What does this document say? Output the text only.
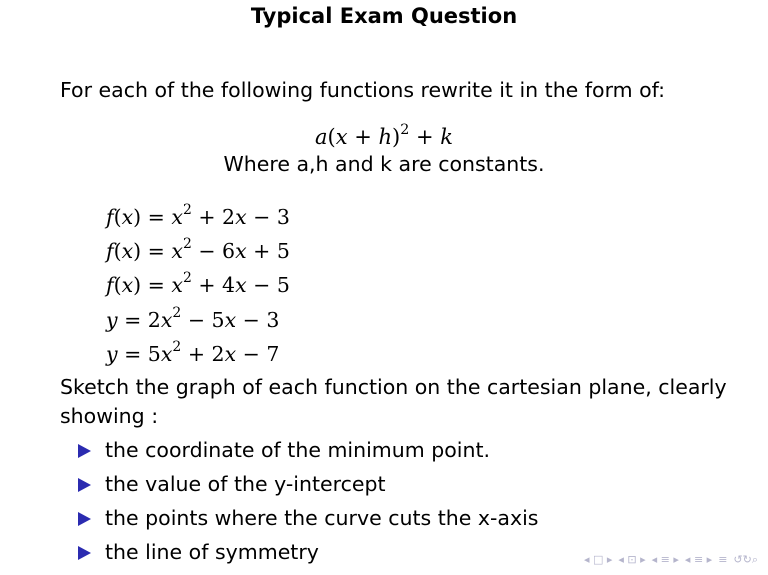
Typical Exam Question
For each of the following functions rewrite it in the form of:
$a(x + h)^2 + k$
Where a,h and k are constants.
$f(x) = x^2 + 2x - 3$
$f(x) = x^2 - 6x + 5$
$f(x) = x^2 + 4x - 5$
$y = 2x^2 - 5x - 3$
$y = 5x^2 + 2x - 7$
Sketch the graph of each function on the cartesian plane, clearly
showing :
the coordinate of the minimum point.
the value of the y-intercept
the points where the curve cuts the x-axis
the line of symmetry	◂ □ ▸ ◂ ⊡ ▸ ◂ ≡ ▸ ◂ ≡ ▸ ≡ ↺↻⌕
